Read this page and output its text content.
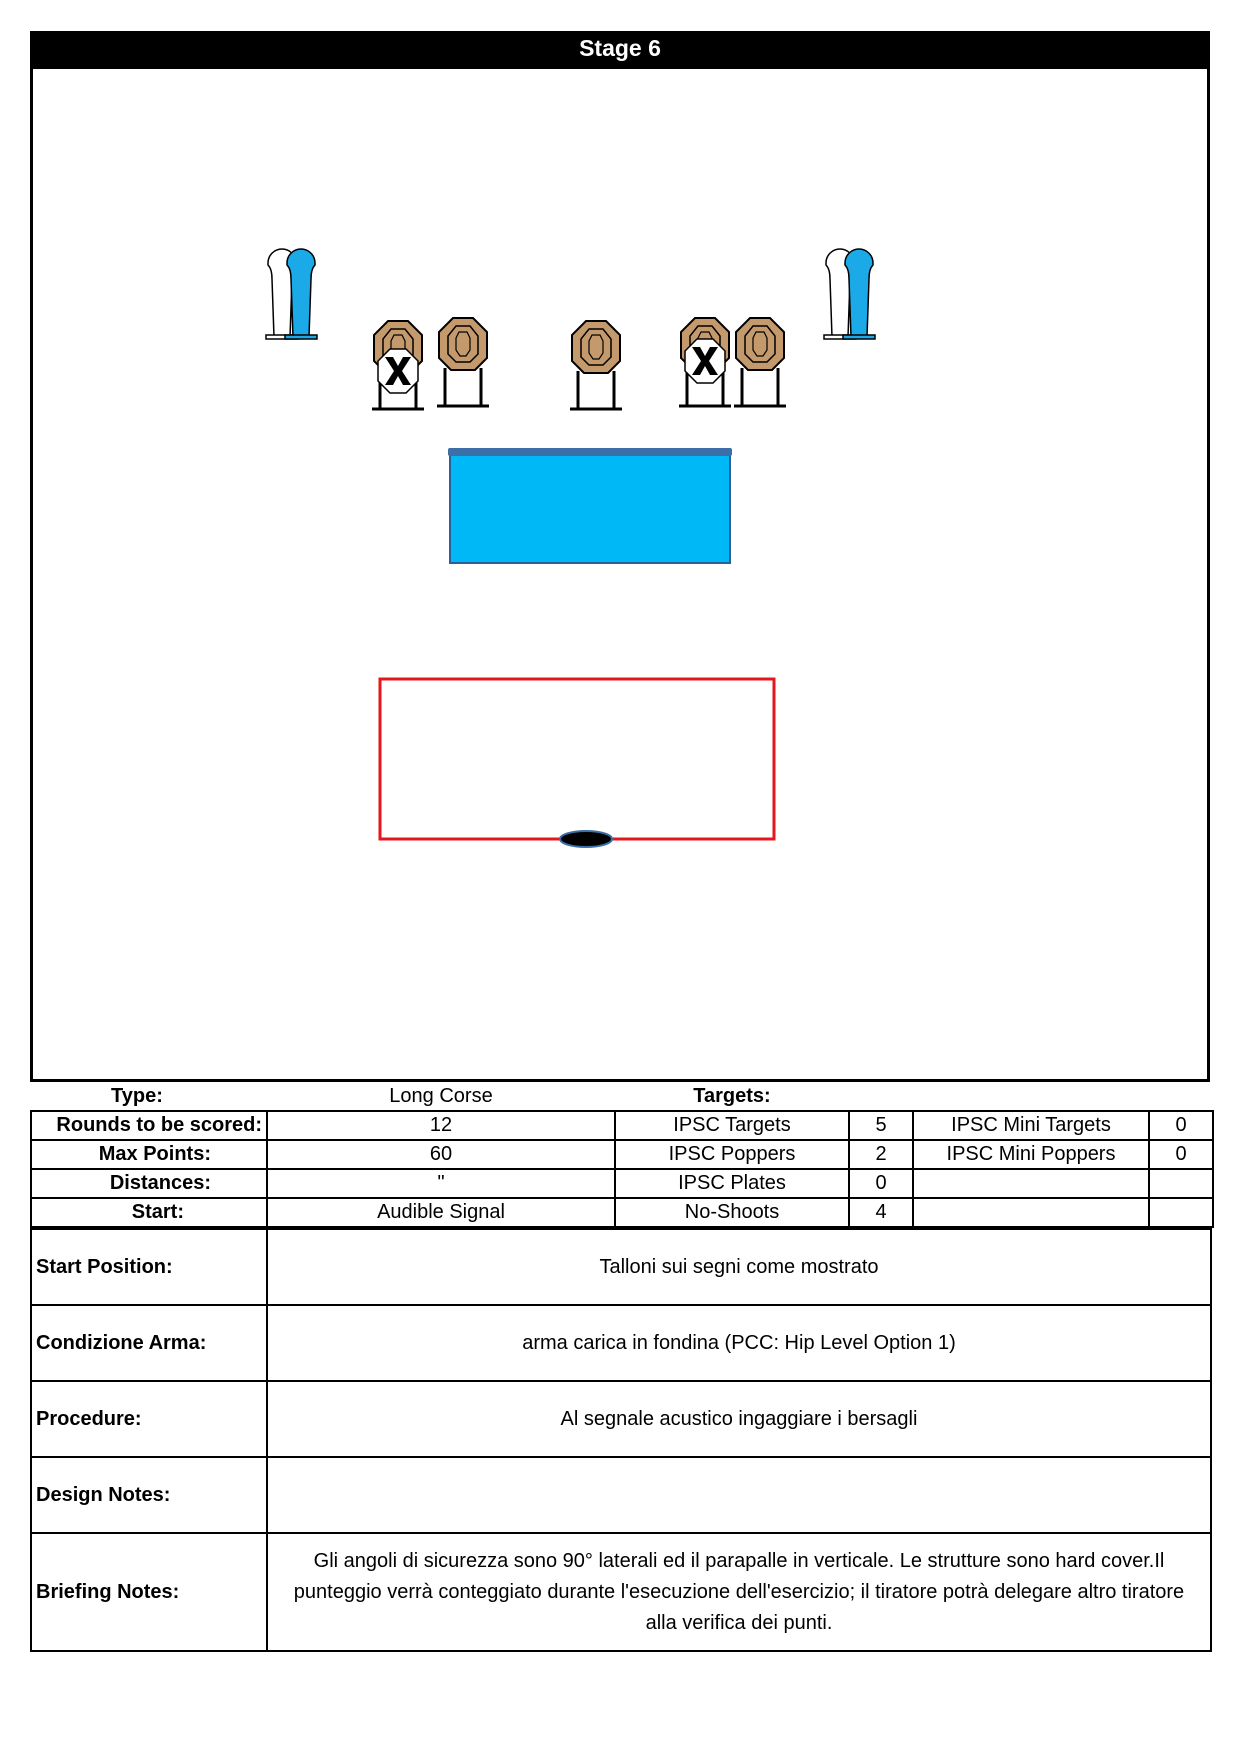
Stage 6
Type:	Long Corse	Targets:			
Rounds to be scored:	12	IPSC Targets	5	IPSC Mini Targets	0
Max Points:	60	IPSC Poppers	2	IPSC Mini Poppers	0
Distances:	"	IPSC Plates	0		
Start:	Audible Signal	No-Shoots	4		
Start Position:	Talloni sui segni come mostrato
Condizione Arma:	arma carica in fondina (PCC: Hip Level Option 1)
Procedure:	Al segnale acustico ingaggiare i bersagli
Design Notes:	
Briefing Notes:	Gli angoli di sicurezza sono 90° laterali ed il parapalle in verticale. Le strutture sono hard cover.Il punteggio verrà conteggiato durante l'esecuzione dell'esercizio; il tiratore potrà delegare altro tiratore alla verifica dei punti.
